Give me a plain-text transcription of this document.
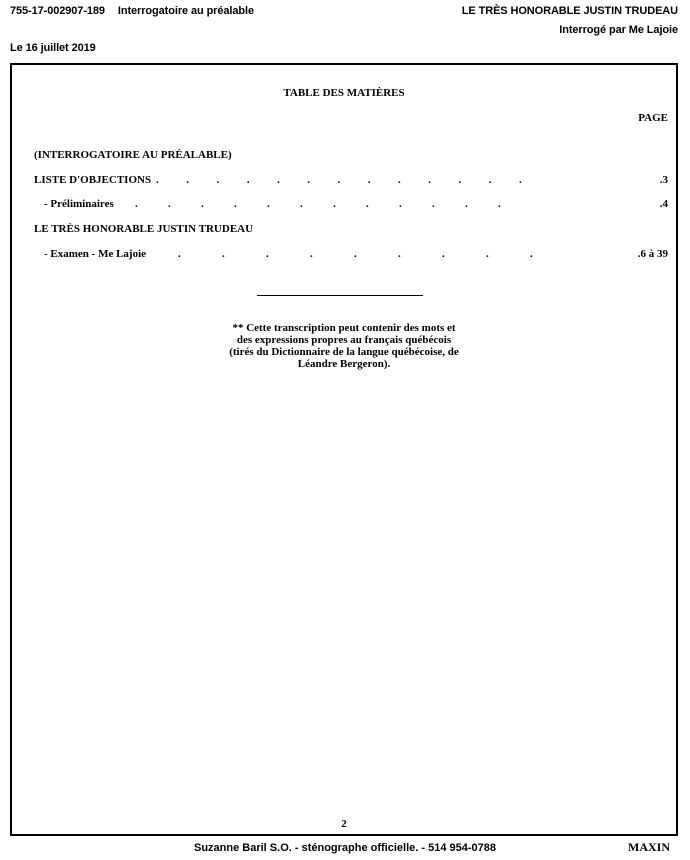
755-17-002907-189 Interrogatoire au préalable	LE TRÈS HONORABLE JUSTIN TRUDEAU
Interrogé par Me Lajoie
Le 16 juillet 2019
TABLE DES MATIÈRES
PAGE
(INTERROGATOIRE AU PRÉALABLE)
LISTE D'OBJECTIONS .          .          .          .          .          .          .          .          .          .          .          .          .	.3
- Préliminaires .           .           .           .           .           .           .           .           .           .           .           .	.4
LE TRÈS HONORABLE JUSTIN TRUDEAU
- Examen - Me Lajoie	.               .               .               .               .               .               .               .               .	.6 à 39
** Cette transcription peut contenir des mots et
des expressions propres au français québécois
(tirés du Dictionnaire de la langue québécoise, de
Léandre Bergeron).
2
Suzanne Baril S.O. - sténographe officielle. - 514 954-0788	MAXIN
